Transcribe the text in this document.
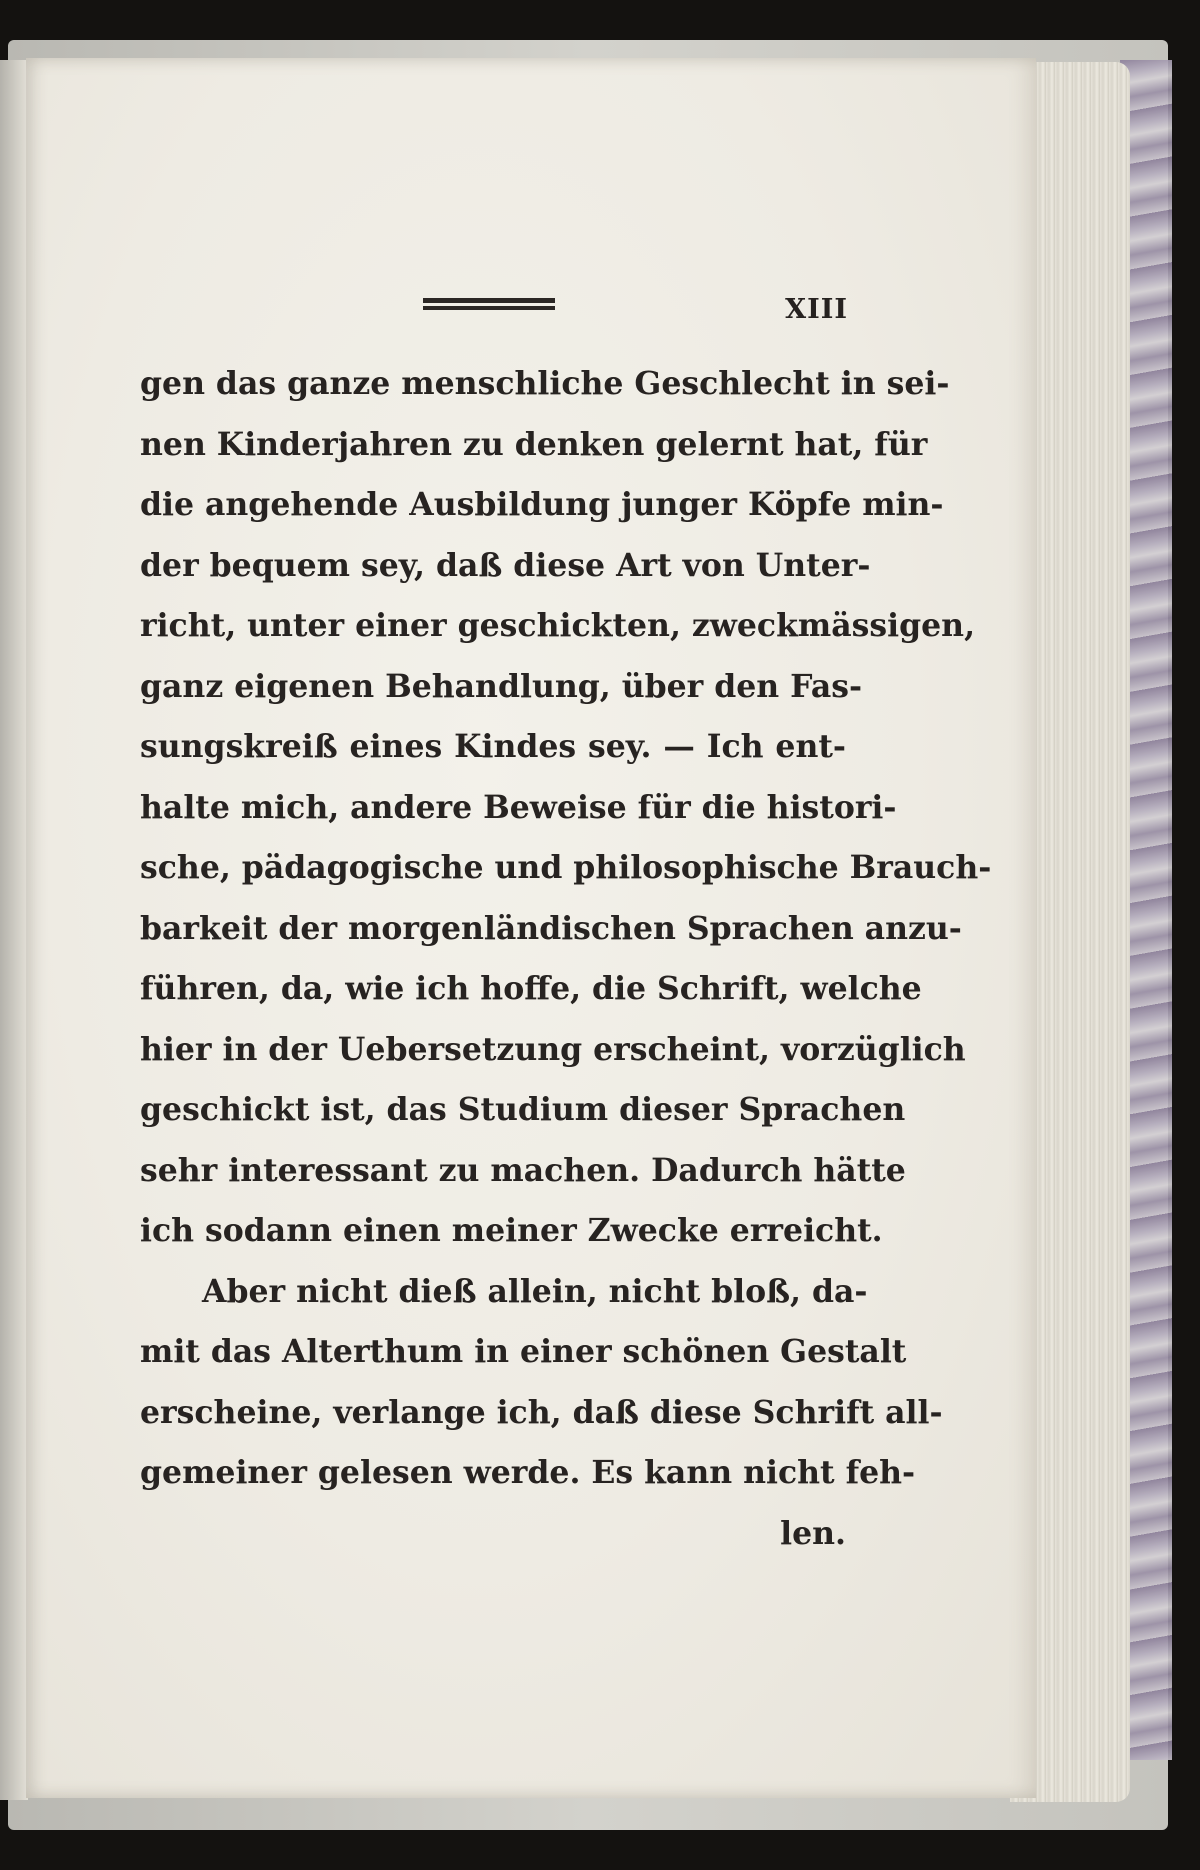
XIII
gen das ganze menschliche Geschlecht in sei-
nen Kinderjahren zu denken gelernt hat, für
die angehende Ausbildung junger Köpfe min-
der bequem sey, daß diese Art von Unter-
richt, unter einer geschickten, zweckmässigen,
ganz eigenen Behandlung, über den Fas-
sungskreiß eines Kindes sey. — Ich ent-
halte mich, andere Beweise für die histori-
sche, pädagogische und philosophische Brauch-
barkeit der morgenländischen Sprachen anzu-
führen, da, wie ich hoffe, die Schrift, welche
hier in der Uebersetzung erscheint, vorzüglich
geschickt ist, das Studium dieser Sprachen
sehr interessant zu machen. Dadurch hätte
ich sodann einen meiner Zwecke erreicht.
Aber nicht dieß allein, nicht bloß, da-
mit das Alterthum in einer schönen Gestalt
erscheine, verlange ich, daß diese Schrift all-
gemeiner gelesen werde. Es kann nicht feh-
len.
